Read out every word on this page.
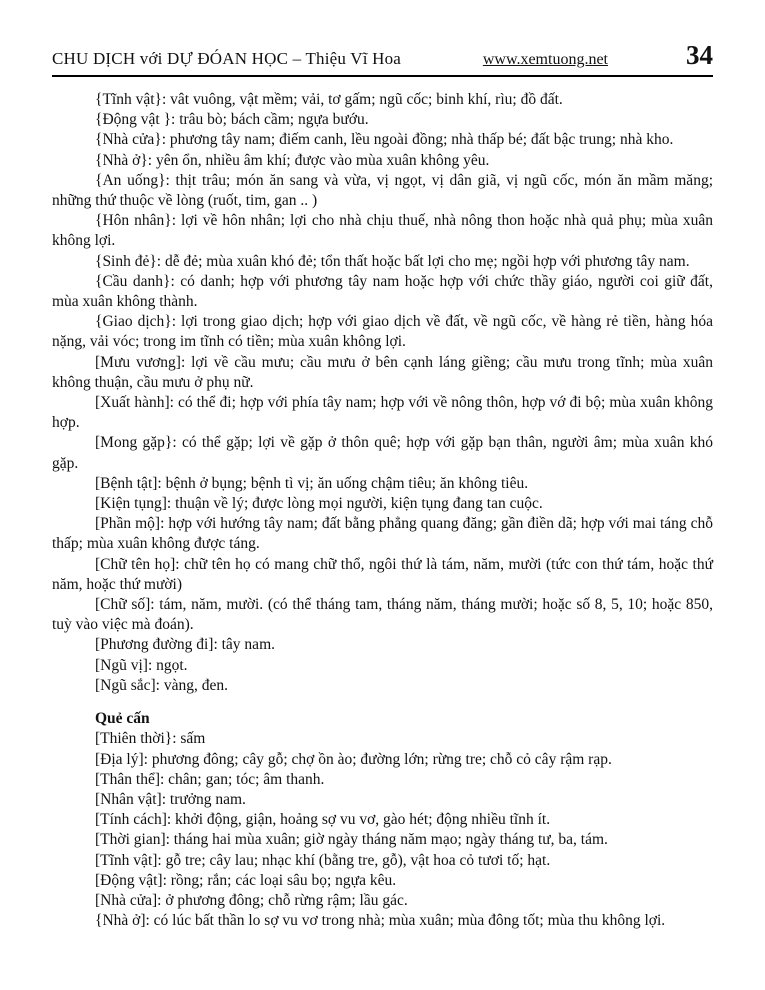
CHU DỊCH với DỰ ĐÓAN HỌC – Thiệu Vĩ Hoa	www.xemtuong.net	34

{Tĩnh vật}: vât vuông, vật mềm; vải, tơ gấm; ngũ cốc; binh khí, rìu; đồ đất.

{Động vật }: trâu bò; bách cầm; ngựa bướu.

{Nhà cửa}: phương tây nam; điếm canh, lều ngoài đồng; nhà thấp bé; đất bậc trung; nhà kho.

{Nhà ở}: yên ổn, nhiều âm khí; được vào mùa xuân không yêu.

{An uống}: thịt trâu; món ăn sang và vừa, vị ngọt, vị dân giã, vị ngũ cốc, món ăn mầm măng; những thứ thuộc về lòng (ruốt, tim, gan .. )

{Hôn nhân}: lợi về hôn nhân; lợi cho nhà chịu thuế, nhà nông thon hoặc nhà quả phụ; mùa xuân không lợi.

{Sinh đẻ}: dễ đẻ; mùa xuân khó đẻ; tổn thất hoặc bất lợi cho mẹ; ngồi hợp với phương tây nam.

{Cầu danh}: có danh; hợp với phương tây nam hoặc hợp với chức thầy giáo, người coi giữ đất, mùa xuân không thành.

{Giao dịch}: lợi trong giao dịch; hợp với giao dịch về đất, về ngũ cốc, về hàng rẻ tiền, hàng hóa nặng, vải vóc; trong im tĩnh có tiền; mùa xuân không lợi.

[Mưu vương]: lợi về cầu mưu; cầu mưu ở bên cạnh láng giềng; cầu mưu trong tĩnh; mùa xuân không thuận, cầu mưu ở phụ nữ.

[Xuất hành]: có thể đi; hợp với phía tây nam; hợp với về nông thôn, hợp vớ đi bộ; mùa xuân không hợp.

[Mong gặp}: có thể gặp; lợi về gặp ở thôn quê; hợp với gặp bạn thân, người âm; mùa xuân khó gặp.

[Bệnh tật]: bệnh ở bụng; bệnh tì vị; ăn uống chậm tiêu; ăn không tiêu.

[Kiện tụng]: thuận về lý; được lòng mọi người, kiện tụng đang tan cuộc.

[Phần mộ]: hợp với hướng tây nam; đất bằng phẳng quang đăng; gần điền dã; hợp với mai táng chỗ thấp; mùa xuân không được táng.

[Chữ tên họ]: chữ tên họ có mang chữ thổ, ngôi thứ là tám, năm, mười (tức con thứ tám, hoặc thứ năm, hoặc thứ mười)

[Chữ số]: tám, năm, mười. (có thể tháng tam, tháng năm, tháng mười; hoặc số 8, 5, 10; hoặc 850, tuỳ vào việc mà đoán).

[Phương đường đi]: tây nam.

[Ngũ vị]: ngọt.

[Ngũ sắc]: vàng, đen.

Quẻ cấn

[Thiên thời}: sấm

[Địa lý]: phương đông; cây gỗ; chợ ồn ào; đường lớn; rừng tre; chỗ cỏ cây rậm rạp.

[Thân thể]: chân; gan; tóc; âm thanh.

[Nhân vật]: trưởng nam.

[Tính cách]: khởi động, giận, hoảng sợ vu vơ, gào hét; động nhiều tĩnh ít.

[Thời gian]: tháng hai mùa xuân; giờ ngày tháng năm mạo; ngày tháng tư, ba, tám.

[Tĩnh vật]: gỗ tre; cây lau; nhạc khí (bằng tre, gỗ), vật hoa cỏ tươi tố; hạt.

[Động vật]: rồng; rắn; các loại sâu bọ; ngựa kêu.

[Nhà cửa]: ở phương đông; chỗ rừng rậm; lầu gác.

{Nhà ở]: có lúc bất thần lo sợ vu vơ trong nhà; mùa xuân; mùa đông tốt; mùa thu không lợi.
